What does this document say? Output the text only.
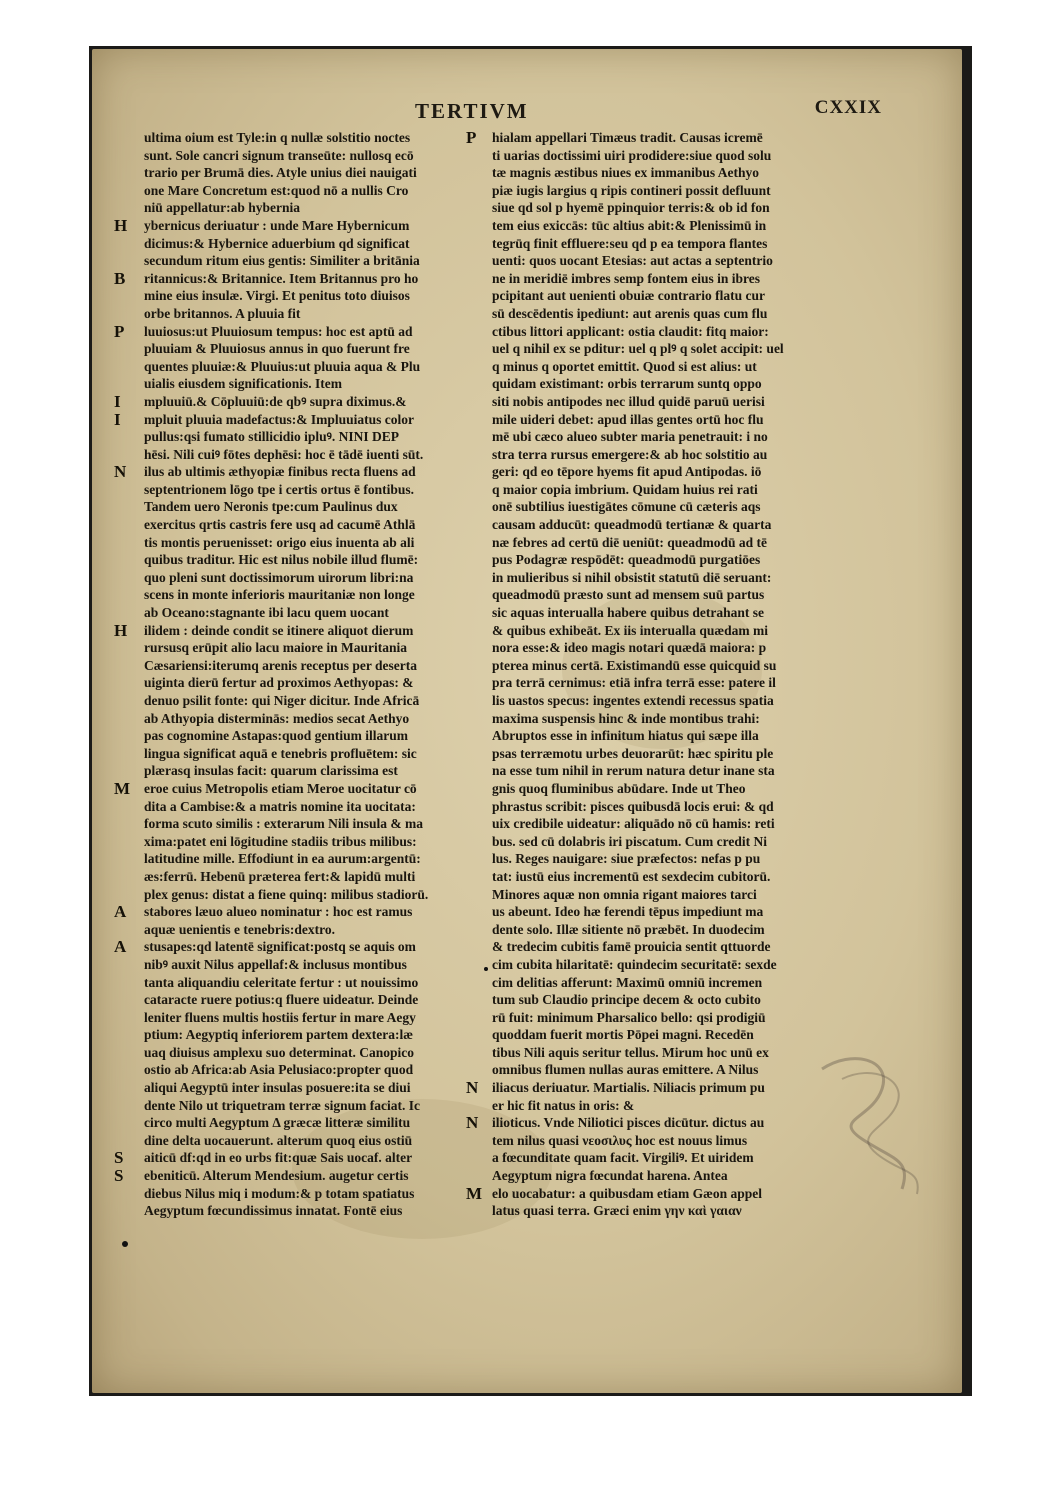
TERTIVM	CXXIX
ultima oium est Tyle:in q nullæ solstitio noctes
sunt. Sole cancri signum transeūte: nullosq ecō
trario per Brumā dies. Atyle unius diei nauigati
one Mare Concretum est:quod nō a nullis Cro
niū appellatur:ab hybernia
H ybernicus deriuatur : unde Mare Hybernicum
dicimus:& Hybernice aduerbium qd significat
secundum ritum eius gentis: Similiter a britānia
B ritannicus:& Britannice. Item Britannus pro ho
mine eius insulæ. Virgi. Et penitus toto diuisos
orbe britannos. A pluuia fit
P luuiosus:ut Pluuiosum tempus: hoc est aptū ad
pluuiam & Pluuiosus annus in quo fuerunt fre
quentes pluuiæ:& Pluuius:ut pluuia aqua & Plu
uialis eiusdem significationis. Item
I mpluuiū.& Cōpluuiū:de qbꝰ supra diximus.&
I mpluit pluuia madefactus:& Impluuiatus color
pullus:qsi fumato stillicidio ipluꝰ. NINI DEP
hēsi. Nili cuiꝰ fōtes dephēsi: hoc ē tādē iuenti sūt.
N ilus ab ultimis æthyopiæ finibus recta fluens ad
septentrionem lōgo tpe i certis ortus ē fontibus.
Tandem uero Neronis tpe:cum Paulinus dux
exercitus qrtis castris fere usq ad cacumē Athlā
tis montis peruenisset: origo eius inuenta ab ali
quibus traditur. Hic est nilus nobile illud flumē:
quo pleni sunt doctissimorum uirorum libri:na
scens in monte inferioris mauritaniæ non longe
ab Oceano:stagnante ibi lacu quem uocant
H ilidem : deinde condit se itinere aliquot dierum
rursusq erūpit alio lacu maiore in Mauritania
Cæsariensi:iterumq arenis receptus per deserta
uiginta dierū fertur ad proximos Aethyopas: &
denuo psilit fonte: qui Niger dicitur. Inde Africā
ab Athyopia disterminās: medios secat Aethyo
pas cognomine Astapas:quod gentium illarum
lingua significat aquā e tenebris profluētem: sic
plærasq insulas facit: quarum clarissima est
M eroe cuius Metropolis etiam Meroe uocitatur cō
dita a Cambise:& a matris nomine ita uocitata:
forma scuto similis : exterarum Nili insula & ma
xima:patet eni lōgitudine stadiis tribus milibus:
latitudine mille. Effodiunt in ea aurum:argentū:
æs:ferrū. Hebenū præterea fert:& lapidū multi
plex genus: distat a fiene quinq: milibus stadiorū.
A stabores læuo alueo nominatur : hoc est ramus
aquæ uenientis e tenebris:dextro.
A stusapes:qd latentē significat:postq se aquis om
nibꝰ auxit Nilus appellaf:& inclusus montibus
tanta aliquandiu celeritate fertur : ut nouissimo
cataracte ruere potius:q fluere uideatur. Deinde
leniter fluens multis hostiis fertur in mare Aegy
ptium: Aegyptiq inferiorem partem dextera:læ
uaq diuisus amplexu suo determinat. Canopico
ostio ab Africa:ab Asia Pelusiaco:propter quod
aliqui Aegyptū inter insulas posuere:ita se diui
dente Nilo ut triquetram terræ signum faciat. Ic
circo multi Aegyptum Δ græcæ litteræ similitu
dine delta uocauerunt. alterum quoq eius ostiū
S aiticū df:qd in eo urbs fit:quæ Sais uocaf. alter
S ebeniticū. Alterum Mendesium. augetur certis
diebus Nilus miq i modum:& p totam spatiatus
Aegyptum fœcundissimus innatat. Fontē eius
P hialam appellari Timæus tradit. Causas icremē
ti uarias doctissimi uiri prodidere:siue quod solu
tæ magnis æstibus niues ex immanibus Aethyo
piæ iugis largius q ripis contineri possit defluunt
siue qd sol p hyemē ppinquior terris:& ob id fon
tem eius exiccās: tūc altius abit:& Plenissimū in
tegrūq finit effluere:seu qd p ea tempora flantes
uenti: quos uocant Etesias: aut actas a septentrio
ne in meridiē imbres semp fontem eius in ibres
pcipitant aut uenienti obuiæ contrario flatu cur
sū descēdentis ipediunt: aut arenis quas cum flu
ctibus littori applicant: ostia claudit: fitq maior:
uel q nihil ex se pditur: uel q plꝰ q solet accipit: uel
q minus q oportet emittit. Quod si est alius: ut
quidam existimant: orbis terrarum suntq oppo
siti nobis antipodes nec illud quidē paruū uerisi
mile uideri debet: apud illas gentes ortū hoc flu
mē ubi cæco alueo subter maria penetrauit: i no
stra terra rursus emergere:& ab hoc solstitio au
geri: qd eo tēpore hyems fit apud Antipodas. iō
q maior copia imbrium. Quidam huius rei rati
onē subtilius iuestigātes cōmune cū cæteris aqs
causam adducūt: queadmodū tertianæ & quarta
næ febres ad certū diē ueniūt: queadmodū ad tē
pus Podagræ respōdēt: queadmodū purgatiōes
in mulieribus si nihil obsistit statutū diē seruant:
queadmodū præsto sunt ad mensem suū partus
sic aquas interualla habere quibus detrahant se
& quibus exhibeāt. Ex iis interualla quædam mi
nora esse:& ideo magis notari quædā maiora: p
pterea minus certā. Existimandū esse quicquid su
pra terrā cernimus: etiā infra terrā esse: patere il
lis uastos specus: ingentes extendi recessus spatia
maxima suspensis hinc & inde montibus trahi:
Abruptos esse in infinitum hiatus qui sæpe illa
psas terræmotu urbes deuorarūt: hæc spiritu ple
na esse tum nihil in rerum natura detur inane sta
gnis quoq fluminibus abūdare. Inde ut Theo
phrastus scribit: pisces quibusdā locis erui: & qd
uix credibile uideatur: aliquādo nō cū hamis: reti
bus. sed cū dolabris iri piscatum. Cum credit Ni
lus. Reges nauigare: siue præfectos: nefas p pu
tat: iustū eius incrementū est sexdecim cubitorū.
Minores aquæ non omnia rigant maiores tarci
us abeunt. Ideo hæ ferendi tēpus impediunt ma
dente solo. Illæ sitiente nō præbēt. In duodecim
& tredecim cubitis famē prouicia sentit qttuorde
cim cubita hilaritatē: quindecim securitatē: sexde
cim delitias afferunt: Maximū omniū incremen
tum sub Claudio principe decem & octo cubito
rū fuit: minimum Pharsalico bello: qsi prodigiū
quoddam fuerit mortis Pōpei magni. Recedēn
tibus Nili aquis seritur tellus. Mirum hoc unū ex
omnibus flumen nullas auras emittere. A Nilus
N iliacus deriuatur. Martialis. Niliacis primum pu
er hic fit natus in oris: &
N ilioticus. Vnde Niliotici pisces dicūtur. dictus au
tem nilus quasi νεοσιλυς hoc est nouus limus
a fœcunditate quam facit. Virgiliꝰ. Et uiridem
Aegyptum nigra fœcundat harena. Antea
M elo uocabatur: a quibusdam etiam Gæon appel
latus quasi terra. Græci enim γην καὶ γαιαν
